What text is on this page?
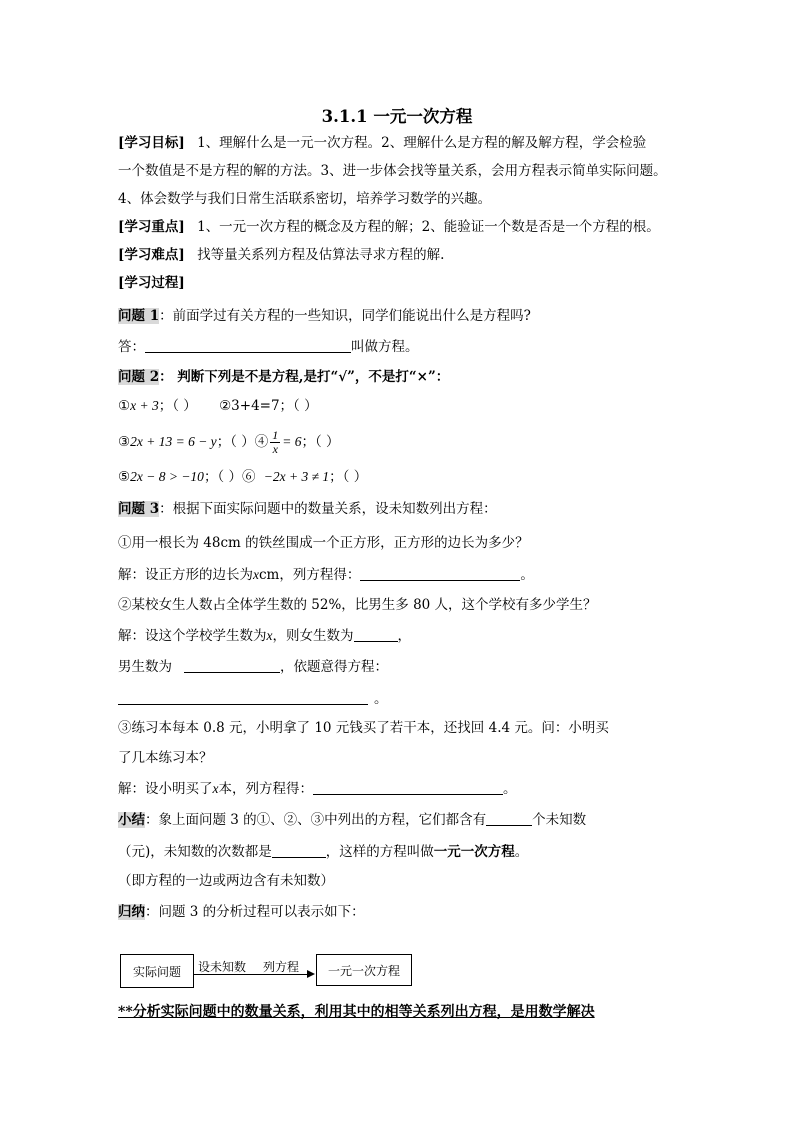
3.1.1 一元一次方程
[学习目标] 1、理解什么是一元一次方程。2、理解什么是方程的解及解方程，学会检验
一个数值是不是方程的解的方法。3、进一步体会找等量关系，会用方程表示简单实际问题。
4、体会数学与我们日常生活联系密切，培养学习数学的兴趣。
[学习重点] 1、一元一次方程的概念及方程的解；2、能验证一个数是否是一个方程的根。
[学习难点] 找等量关系列方程及估算法寻求方程的解.
[学习过程]
问题 1：前面学过有关方程的一些知识，同学们能说出什么是方程吗?
答：	叫做方程。
问题 2： 判断下列是不是方程,是打“√”，不是打“×”：
①x + 3；（ ） ②3+4=7；（ ）
③2x + 13 = 6 − y；（ ）④ $\frac{1}{x} = 6$；（ ）
⑤2x − 8 > −10；（ ）⑥ −2x + 3 ≠ 1；（ ）
问题 3：根据下面实际问题中的数量关系，设未知数列出方程：
①用一根长为 48cm 的铁丝围成一个正方形，正方形的边长为多少？
解：设正方形的边长为xcm，列方程得：	。
②某校女生人数占全体学生数的 52%，比男生多 80 人，这个学校有多少学生？
解：设这个学校学生数为x，则女生数为	，
男生数为	，依题意得方程：
。
③练习本每本 0.8 元，小明拿了 10 元钱买了若干本，还找回 4.4 元。问：小明买
了几本练习本？
解：设小明买了x本，列方程得：	。
小结：象上面问题 3 的①、②、③中列出的方程，它们都含有	个未知数
（元)，未知数的次数都是	，这样的方程叫做一元一次方程。
（即方程的一边或两边含有未知数）
归纳：问题 3 的分析过程可以表示如下：
实际问题	设未知数 列方程	一元一次方程
**分析实际问题中的数量关系，利用其中的相等关系列出方程，是用数学解决
